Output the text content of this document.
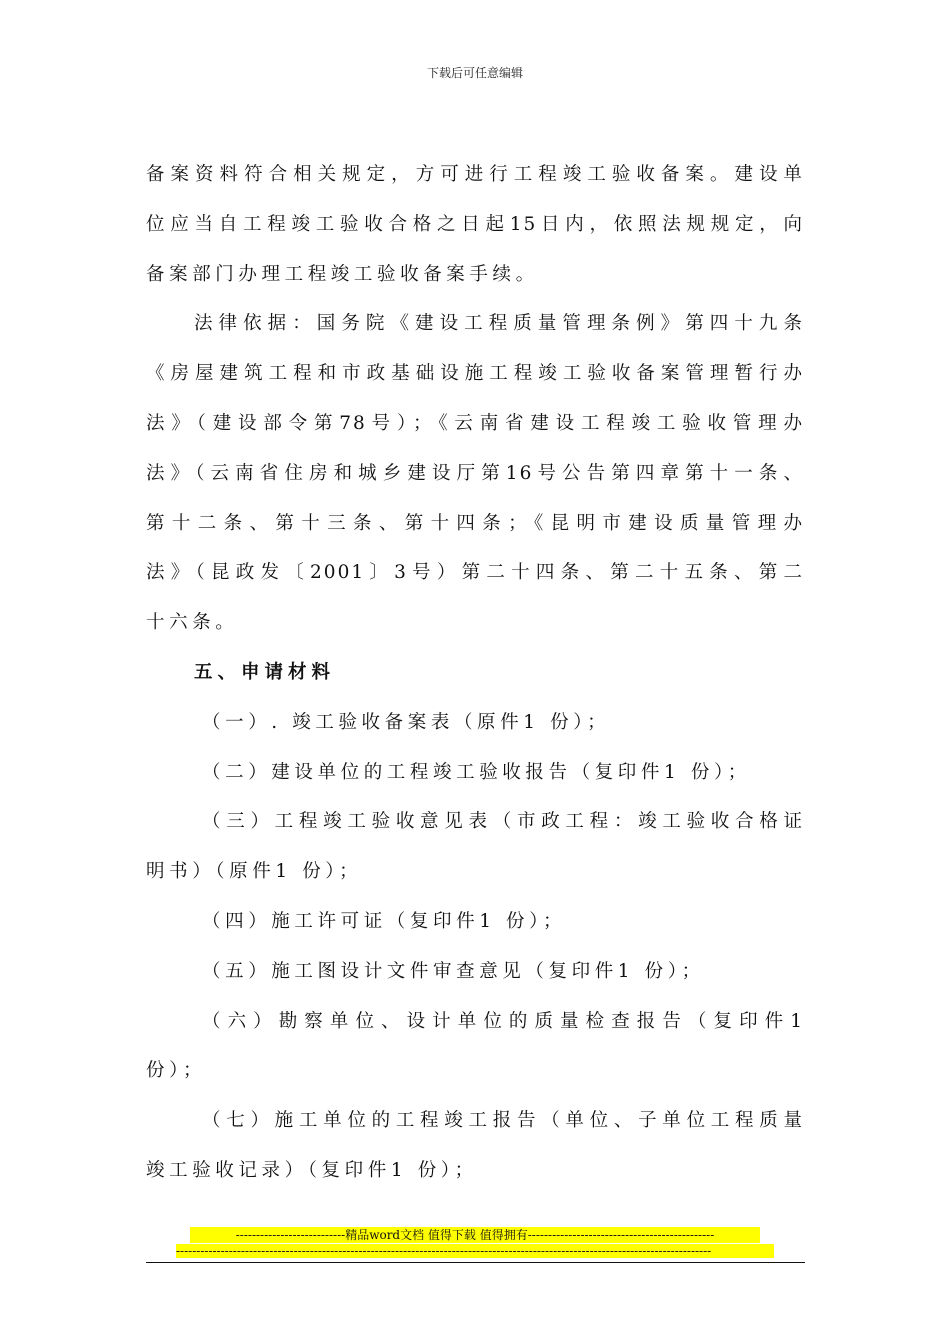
下载后可任意编辑
备案资料符合相关规定，方可进行工程竣工验收备案。建设单
位应当自工程竣工验收合格之日起15日内，依照法规规定，向
备案部门办理工程竣工验收备案手续。
法律依据：国务院《建设工程质量管理条例》第四十九条
《房屋建筑工程和市政基础设施工程竣工验收备案管理暂行办
法》（建设部令第78号）；《云南省建设工程竣工验收管理办
法》（云南省住房和城乡建设厅第16号公告第四章第十一条、
第十二条、第十三条、第十四条；《昆明市建设质量管理办
法》（昆政发〔2001〕3号）第二十四条、第二十五条、第二
十六条。
五、申请材料
（一）. 竣工验收备案表（原件1 份）；
（二）建设单位的工程竣工验收报告（复印件1 份）；
（三）工程竣工验收意见表（市政工程：竣工验收合格证
明书）（原件1 份）；
（四）施工许可证（复印件1 份）；
（五）施工图设计文件审查意见（复印件1 份）；
（六）勘察单位、设计单位的质量检查报告（复印件1
份）；
（七）施工单位的工程竣工报告（单位、子单位工程质量
竣工验收记录）（复印件1 份）；
---------------------------精品word文档 值得下载 值得拥有----------------------------------------------
------------------------------------------------------------------------------------------------------------------------------------
